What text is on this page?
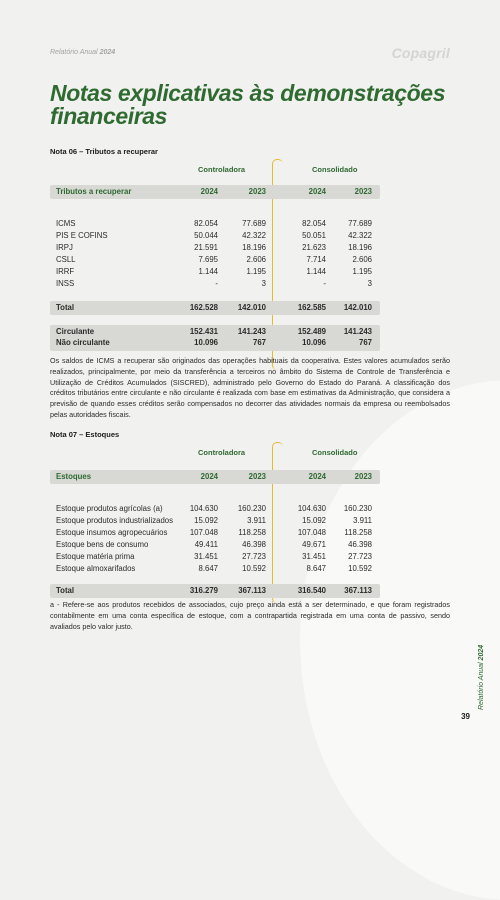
Relatório Anual 2024	Copagril
Notas explicativas às demonstrações financeiras
Nota 06 – Tributos a recuperar
Controladora	Consolidado
Tributos a recuperar	2024	2023	2024	2023
ICMS	82.054	77.689	82.054	77.689
PIS E COFINS	50.044	42.322	50.051	42.322
IRPJ	21.591	18.196	21.623	18.196
CSLL	7.695	2.606	7.714	2.606
IRRF	1.144	1.195	1.144	1.195
INSS	-	3	-	3
Total	162.528	142.010	162.585	142.010
Circulante	152.431	141.243	152.489	141.243
Não circulante	10.096	767	10.096	767

Os saldos de ICMS a recuperar são originados das operações habituais da cooperativa. Estes valores acumulados serão realizados, principalmente, por meio da transferência a terceiros no âmbito do Sistema de Controle de Transferência e Utilização de Créditos Acumulados (SISCRED), administrado pelo Governo do Estado do Paraná. A classificação dos créditos tributários entre circulante e não circulante é realizada com base em estimativas da Administração, que considera a previsão de quando esses créditos serão compensados no decorrer das atividades normais da empresa ou reembolsados pelas autoridades fiscais.

Nota 07 – Estoques
Controladora	Consolidado
Estoques	2024	2023	2024	2023
Estoque produtos agrícolas (a)	104.630	160.230	104.630	160.230
Estoque produtos industrializados	15.092	3.911	15.092	3.911
Estoque insumos agropecuários	107.048	118.258	107.048	118.258
Estoque bens de consumo	49.411	46.398	49.671	46.398
Estoque matéria prima	31.451	27.723	31.451	27.723
Estoque almoxarifados	8.647	10.592	8.647	10.592
Total	316.279	367.113	316.540	367.113

a - Refere-se aos produtos recebidos de associados, cujo preço ainda está a ser determinado, e que foram registrados contabilmente em uma conta específica de estoque, com a contrapartida registrada em uma conta de passivo, sendo avaliados pelo valor justo.

Relatório Anual 2024
39
